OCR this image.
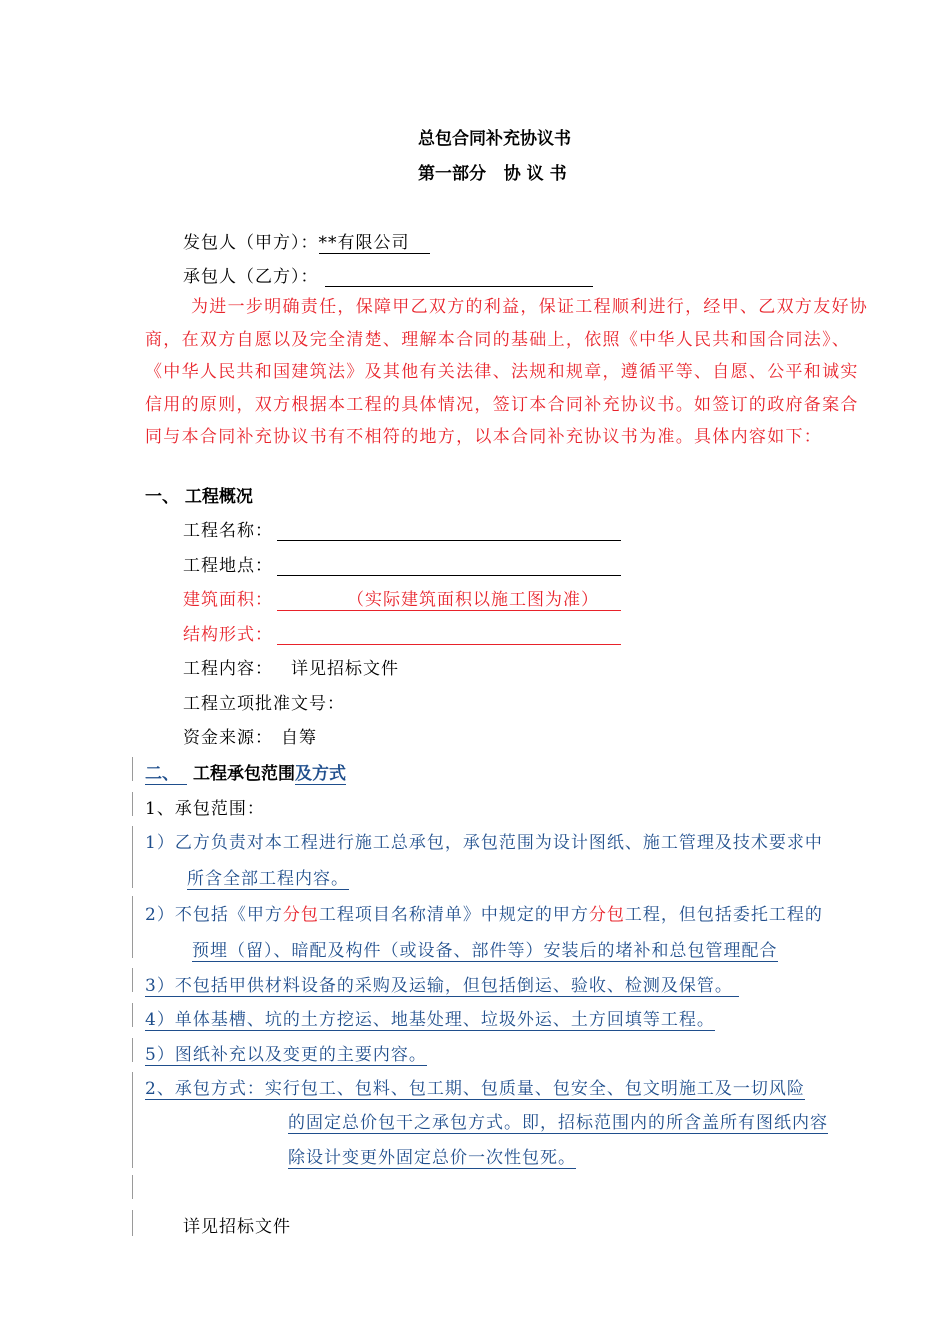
总包合同补充协议书
第一部分   协 议 书
发包人（甲方）：**有限公司
承包人（乙方）：
为进一步明确责任，保障甲乙双方的利益，保证工程顺利进行，经甲、乙双方友好协商，在双方自愿以及完全清楚、理解本合同的基础上，依照《中华人民共和国合同法》、《中华人民共和国建筑法》及其他有关法律、法规和规章，遵循平等、自愿、公平和诚实信用的原则，双方根据本工程的具体情况，签订本合同补充协议书。如签订的政府备案合同与本合同补充协议书有不相符的地方，以本合同补充协议书为准。具体内容如下：
一、 工程概况
工程名称：
工程地点：
建筑面积：	（实际建筑面积以施工图为准）
结构形式：
工程内容： 详见招标文件
工程立项批准文号：
资金来源： 自筹
二、 工程承包范围及方式
1、承包范围：
1）乙方负责对本工程进行施工总承包，承包范围为设计图纸、施工管理及技术要求中
所含全部工程内容。
2）不包括《甲方分包工程项目名称清单》中规定的甲方分包工程，但包括委托工程的
预埋（留）、暗配及构件（或设备、部件等）安装后的堵补和总包管理配合
3）不包括甲供材料设备的采购及运输，但包括倒运、验收、检测及保管。
4）单体基槽、坑的土方挖运、地基处理、垃圾外运、土方回填等工程。
5）图纸补充以及变更的主要内容。
2、承包方式：实行包工、包料、包工期、包质量、包安全、包文明施工及一切风险
的固定总价包干之承包方式。即，招标范围内的所含盖所有图纸内容
除设计变更外固定总价一次性包死。
详见招标文件
